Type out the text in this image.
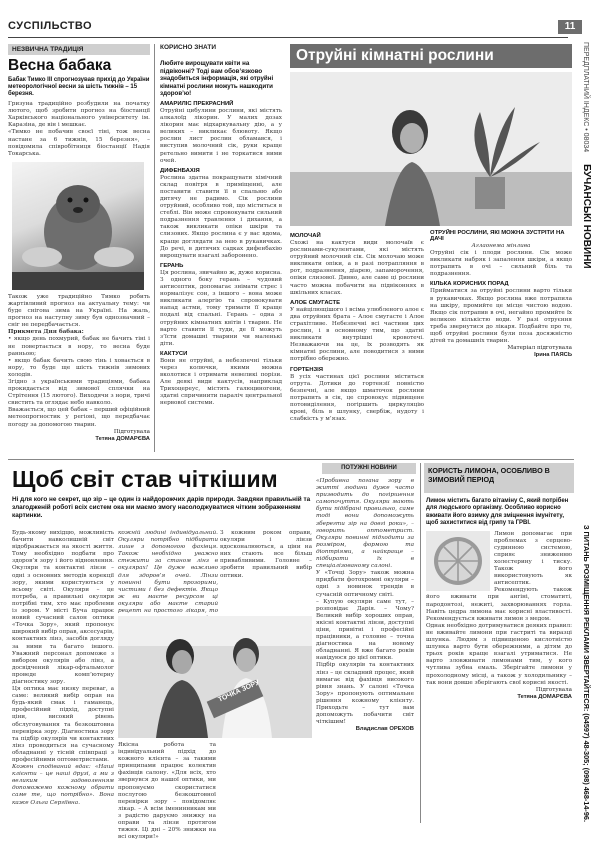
СУСПІЛЬСТВО	11
ПЕРЕДПЛАТНИЙ ІНДЕКС • 08034 БУЧАНСЬКІ НОВИНИ
З ПИТАНЬ РОЗМІЩЕННЯ РЕКЛАМИ ЗВЕРТАЙТЕСЯ: (04597) 48-305; (098) 468-14-96.
НЕЗВИЧНА ТРАДИЦІЯ
Весна бабака
Бабак Тимко ІІІ спрогнозував прихід до України метеорологічної весни за шість тижнів – 15 березня.
Гризуна традиційно розбудили на початку лютого, щоб зробити прогноз на біостанції Харківського національного університету ім. Каразіна, де він і мешкає.
«Тимко не побачив своєї тіні, тож весна настане за 6 тижнів, 15 березня», – повідомила співробітниця біостанції Надія Токарська.
Також уже традиційно Тимко робить жартівливий прогноз на актуальну тему: чи буде снігова зима на Україні. На жаль, прогноз на наступну зиму був однозначний – сніг не передбачається.
Прикмета Дня бабака:
• якщо день похмурий, бабак не бачить тіні і не повертається в нору, то весна буде ранньою;
• якщо бабак бачить свою тінь і ховається в нору, то буде ще шість тижнів зимових холодів.
Згідно з українськими традиціями, бабака прокидається від зимової сплячки на Стрітення (15 лютого). Виходячи з нори, тричі свистить та оглядає небо навколо.
Вважається, що цей бабак – перший офіційний метеопрогностик у регіоні, що передбачає погоду за допомогою тварин.
Підготувала
Тетяна ДОМАРЄВА
КОРИСНО ЗНАТИ	Отруйні кімнатні рослини
Любите вирощувати квіти на підвіконні? Тоді вам обов’язково знадобиться інформація, які отруйні кімнатні рослини можуть нашкодити здоров’ю!
АМАРИЛІС ПРЕКРАСНИЙ
Отруйні цибулини рослини, які містять алкалоїд лікорин. У малих дозах лікорин має відхаркувальну дію, а у великих – викликає блювоту. Якщо рослин лист рослин обламався, і виступив молочний сік, руки краще ретельно вимити і не торкатися ними очей.
ДИФЕНБАХІЯ
Рослина здатна покращувати хімічний склад повітря в приміщенні, але поставити ставити її в спальню або дитячу не радимо. Сік рослини отруйний, особливо той, що міститься в стеблі. Він може спровокувати сильний подразнення травлення і дихання, а також викликати опіки шкіри та слизових. Якщо рослина є у вас вдома, краще доглядати за нею в рукавичках. До речі, в дитячих садках дифенбахію вирощувати взагалі заборонено.
ГЕРАНЬ
Ця рослина, звичайно ж, дуже корисна. З одного боку герань – чудовий антисептик, допомагає знімати стрес і нормалізує сон, з іншого – вона може викликати алергію та спровокувати напад астми, тому тримати її краще подалі від спальні. Герань – одна з отруйних кімнатних квітів і тварин. Не варто ставити її туди, де її можуть з’їсти домашні тварини чи маленькі діти.
КАКТУСИ
Вони не отруйні, а небезпечні тільки через колючки, якими можна вколотися і отримати невеликі порізи. Але деякі види кактусів, наприклад Трихоцереус, містять галюциногени, здатні спричинити параліч центральної нервової системи.
МОЛОЧАЙ
Схожі на кактуси види молочаїв є рослинами-сукулентами, які містять отруйний молочний сік. Сік молочаю може викликати опіки, а в разі потрапляння в рот, подразнення, діарею, запаморочення, опіки слизової. Дивно, але саме ці рослини часто можна побачити на підвіконнях в шкільних класах.
АЛОЕ СМУГАСТЕ
У найцілющішого і всіма улюбленого алое є два отруйних брата – Алое смугасте і Алое страхітливе. Небезпечні всі частини цих рослин, і в основному тим, що здатні викликати внутрішні кровотечі. Незважаючи на це, їх розводять як кімнатні рослини, але поводитися з ними потрібно обережно.
ГОРТЕНЗІЯ
В усіх частинах цієї рослини міститься отрута. Дотики до гортензії повністю безпечні, але якщо шматочок рослини потрапить в сік, це спровокує підвищене потовиділення, погіршить циркуляцію крові, біль в шлунку, свербіж, нудоту і слабкість у м’язах.
ОТРУЙНІ РОСЛИНИ, ЯКІ МОЖНА ЗУСТРІТИ НА ДАЧІ
Аглаонема мінлива
Отруйні сік і плоди рослини. Сік може викликати набряк і запалення шкіри, а якщо потрапить в очі – сильний біль та подразнення.
КІЛЬКА КОРИСНИХ ПОРАД
Прийматися за отруйні рослини варто тільки в рукавичках. Якщо рослина вже потрапила на шкіру, промийте це місце чистою водою. Якщо сік потрапив в очі, негайно промийте їх великою кількістю води. У разі отруєння треба звернутися до лікаря. Подбайте про те, щоб отруйні рослини були поза досяжністю дітей та домашніх тварин.
Матеріал підготувала
Ірина ПАЯСЬ
ПОТУЖНІ НОВИНИ
Щоб світ став чіткішим
Ні для кого не секрет, що зір – це один із найдорожчих дарів природи. Завдяки правильній та злагодженій роботі всіх систем ока ми маємо змогу насолоджуватися чітким зображенням картинки.
Будь-якому вихідцю, можливість бачити навколишній світ відображається на якості життя. Тому необхідно подбати про здоров’я зору і його відновлення. Окуляри та контактні лінзи – одні з основних методів корекції зору, якими користуються у всьому світі. Окуляри – це потреба, а правильні окуляри потрібні тим, хто має проблеми із зором. У місті Буча працює новий сучасний салон оптики «Точка Зору», який пропонує широкий вибір оправ, аксесуарів, контактних лінз, засобів догляду за ними та багато іншого. Уважний персонал допоможе з вибором окулярів або лінз, а досвідчений лікар-офтальмолог проведе комп’ютерну діагностику зору.
Ця оптика має низку переваг, а саме: великий вибір оправ на будь-який смак і гаманець, професійний підхід, доступні ціни, високий рівень обслуговування та безкоштовна перевірка зору. Діагностика зору та підбір окулярів чи контактних лінз проводиться на сучасному обладнанні у тісній співпраці з професійними оптометристами.
Кожен сподіваний вдає: «Наші клієнти – це наші друзі, а ми з великим задоволенням допоможемо кожному обрати саме те, що потрібно». Вона каже Ольга Сергіївна.
кожній людині індивідуальний. Окуляри потрібно підбирати лише з допомогою фахівця. Також необхідно уважно стежити за станом лінз в окулярах! Це дуже важливо для здоров’я очей. Лінзи повинні бути прозорими, чистими і без дефектів. Якщо ж ви маєте ресурсом ці окуляри або маєте старий рецепт на простого лікаря, то
ТОЧКА ЗОРУ
Якісна робота та індивідуальний підхід до кожного клієнта – за такими принципами працює колектив фахівців салону. «Для всіх, хто звернувся до нашої оптики, ми пропонуємо скористатися послугою безкоштовної перевірки зору – повідомляє лікар. – А всім іменинникам ми з радістю даруємо знижку на оправи та лінзи протягом тижня. Ці дні – 20% знижки на всі окуляри!»
З кожним роком оправи, окуляри і лінзи вдосконалюються, а ціни на них стають все більш привабливими. Головне – зробити правильний вибір оптики.
«Пробивна погана зору в житті людини дуже часто призводить до погіршення самопочуття. Окуляри мають бути підібрані правильно, саме тоді вони допоможуть зберегти зір на довгі роки», – говорить оптометрист. Окуляри повинні підходити за розміром, формою та діоптріями, а найкраще – підбирати їх в спеціалізованому салоні.
У «Точці Зору» також можна придбати фотохромні окуляри – одні з новинок трендів в сучасній оптичному світі.
– Купую окуляри саме тут, – розповідає Дарія. – Чому? Великий вибір хороших оправ, якісні контактні лінзи, доступні ціни, привітні і професійні працівники, а головне – точна діагностика на новому обладнанні. Я вже багато років навідуюся до цієї оптики.
Підбір окулярів та контактних лінз – це складний процес, який вимагає від фахівця високого рівня знань. У салоні «Точка Зору» пропонують оптимальне рішення кожному клієнту. Приходьте – тут вам допоможуть побачити світ чіткішим!
Владислав ОРЕХОВ
КОРИСТЬ ЛИМОНА, ОСОБЛИВО В ЗИМОВИЙ ПЕРІОД
Лимон містить багато вітаміну C, який потрібен для людського організму. Особливо корисно вживати його взимку для зміцнення імунітету, щоб захиститися від грипу та ГРВІ.
Лимон допомагає при проблемах з серцево-судинною системою, сприяє зниженню холестерину і тиску. Також його використовують як антисептик. Рекомендують також його вживати при ангіні, стоматиті, пародонтозі, нежиті, захворюваннях горла. Навіть цедра лимона має корисні властивості. Рекомендується вживати лимон з медом.
Однак необхідно дотримуватися деяких правил: не вживайте лимони при гастриті та виразці шлунка. Людям з підвищеною кислотністю шлунка варто бути обережними, а дітям до трьох років краще взагалі утриматися. Не варто зловживати лимонами тим, у кого чутлива зубна емаль. Зберігайте лимони у прохолодному місці, а також у холодильнику – так вони довше зберігають свої корисні якості.
Підготувала
Тетяна ДОМАРЄВА
